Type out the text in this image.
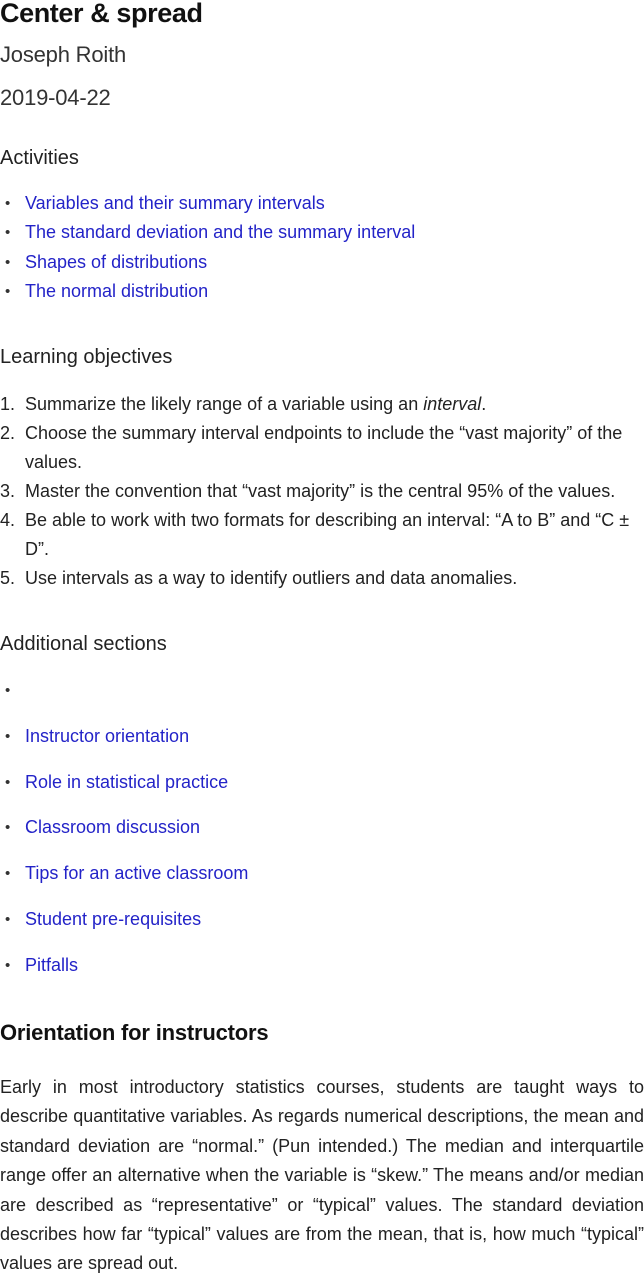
Center & spread
Joseph Roith
2019-04-22
Activities
• Variables and their summary intervals
• The standard deviation and the summary interval
• Shapes of distributions
• The normal distribution
Learning objectives
1. Summarize the likely range of a variable using an interval.
2. Choose the summary interval endpoints to include the “vast majority” of the values.
3. Master the convention that “vast majority” is the central 95% of the values.
4. Be able to work with two formats for describing an interval: “A to B” and “C ± D”.
5. Use intervals as a way to identify outliers and data anomalies.
Additional sections
•
• Instructor orientation
• Role in statistical practice
• Classroom discussion
• Tips for an active classroom
• Student pre-requisites
• Pitfalls
Orientation for instructors

Early in most introductory statistics courses, students are taught ways to describe quantitative variables. As regards numerical descriptions, the mean and standard deviation are “normal.” (Pun intended.) The median and interquartile range offer an alternative when the variable is “skew.” The means and/or median are described as “representative” or “typical” values. The standard deviation describes how far “typical” values are from the mean, that is, how much “typical” values are spread out.
